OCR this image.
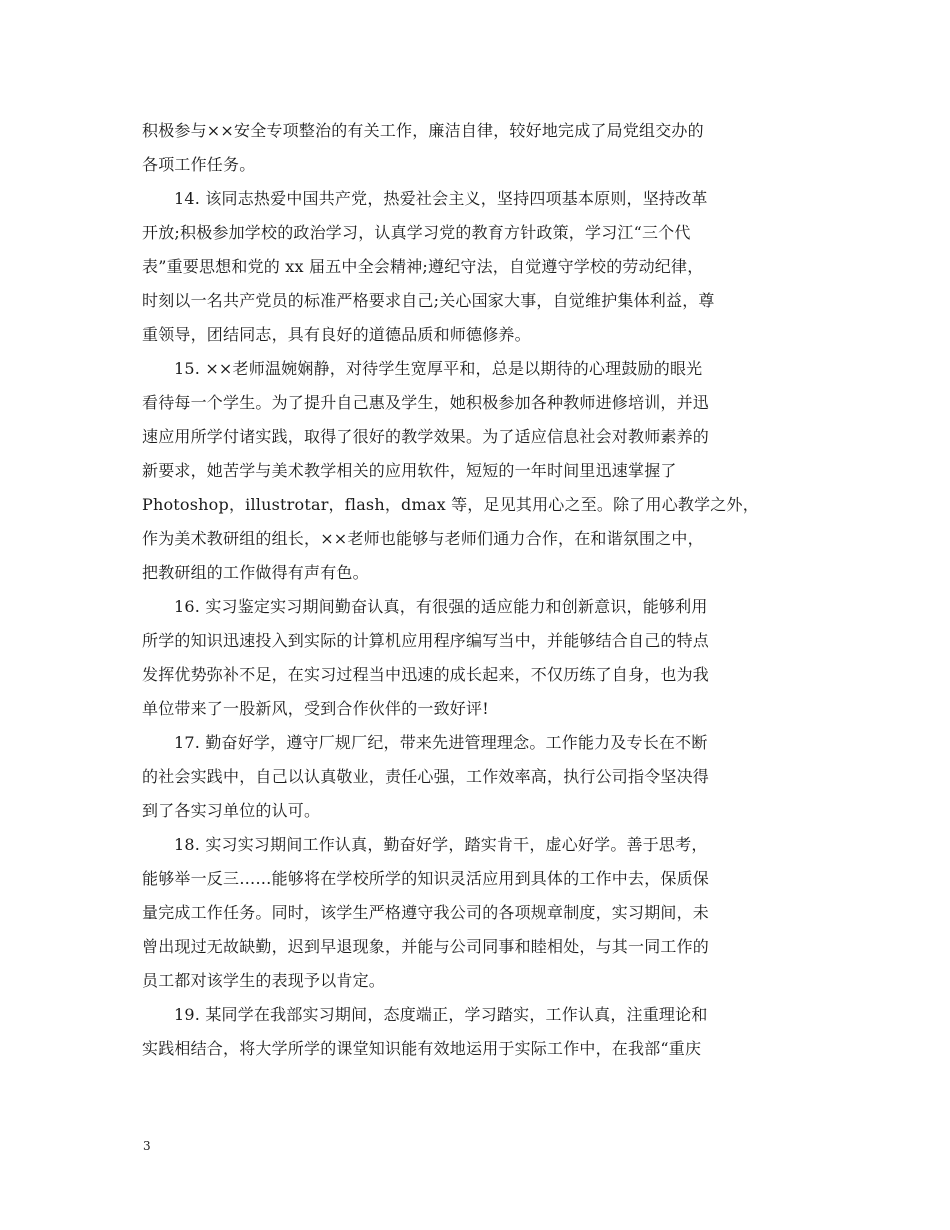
积极参与××安全专项整治的有关工作，廉洁自律，较好地完成了局党组交办的
各项工作任务。
14. 该同志热爱中国共产党，热爱社会主义，坚持四项基本原则，坚持改革
开放;积极参加学校的政治学习，认真学习党的教育方针政策，学习江“三个代
表”重要思想和党的 xx 届五中全会精神;遵纪守法，自觉遵守学校的劳动纪律，
时刻以一名共产党员的标准严格要求自己;关心国家大事，自觉维护集体利益，尊
重领导，团结同志，具有良好的道德品质和师德修养。
15. ××老师温婉娴静，对待学生宽厚平和，总是以期待的心理鼓励的眼光
看待每一个学生。为了提升自己惠及学生，她积极参加各种教师进修培训，并迅
速应用所学付诸实践，取得了很好的教学效果。为了适应信息社会对教师素养的
新要求，她苦学与美术教学相关的应用软件，短短的一年时间里迅速掌握了
Photoshop，illustrotar，flash，dmax 等，足见其用心之至。除了用心教学之外，
作为美术教研组的组长，××老师也能够与老师们通力合作，在和谐氛围之中，
把教研组的工作做得有声有色。
16. 实习鉴定实习期间勤奋认真，有很强的适应能力和创新意识，能够利用
所学的知识迅速投入到实际的计算机应用程序编写当中，并能够结合自己的特点
发挥优势弥补不足，在实习过程当中迅速的成长起来，不仅历练了自身，也为我
单位带来了一股新风，受到合作伙伴的一致好评!
17. 勤奋好学，遵守厂规厂纪，带来先进管理理念。工作能力及专长在不断
的社会实践中，自己以认真敬业，责任心强，工作效率高，执行公司指令坚决得
到了各实习单位的认可。
18. 实习实习期间工作认真，勤奋好学，踏实肯干，虚心好学。善于思考，
能够举一反三……能够将在学校所学的知识灵活应用到具体的工作中去，保质保
量完成工作任务。同时，该学生严格遵守我公司的各项规章制度，实习期间，未
曾出现过无故缺勤，迟到早退现象，并能与公司同事和睦相处，与其一同工作的
员工都对该学生的表现予以肯定。
19. 某同学在我部实习期间，态度端正，学习踏实，工作认真，注重理论和
实践相结合，将大学所学的课堂知识能有效地运用于实际工作中，在我部“重庆
3
